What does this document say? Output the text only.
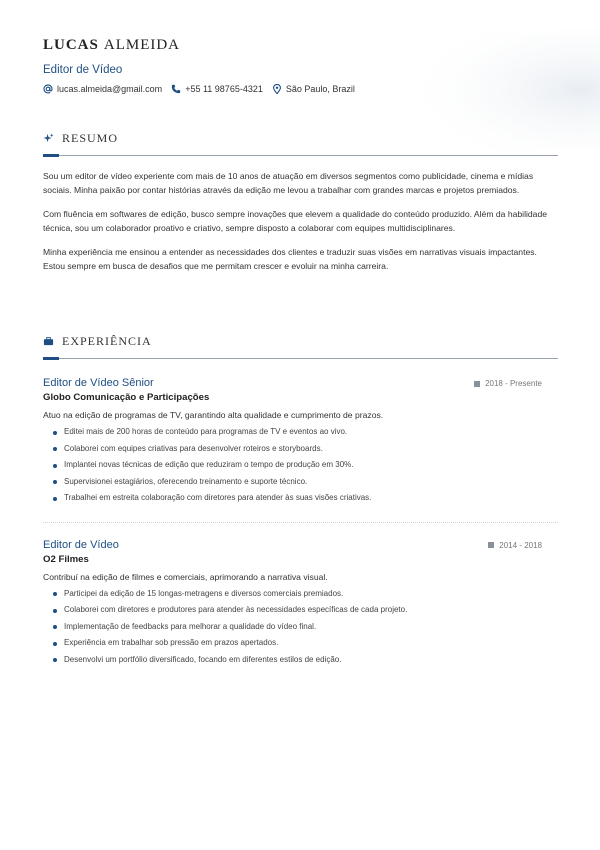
LUCAS ALMEIDA
Editor de Vídeo
lucas.almeida@gmail.com	+55 11 98765-4321	São Paulo, Brazil
RESUMO

Sou um editor de vídeo experiente com mais de 10 anos de atuação em diversos segmentos como publicidade, cinema e mídias sociais. Minha paixão por contar histórias através da edição me levou a trabalhar com grandes marcas e projetos premiados.

Com fluência em softwares de edição, busco sempre inovações que elevem a qualidade do conteúdo produzido. Além da habilidade técnica, sou um colaborador proativo e criativo, sempre disposto a colaborar com equipes multidisciplinares.

Minha experiência me ensinou a entender as necessidades dos clientes e traduzir suas visões em narrativas visuais impactantes. Estou sempre em busca de desafios que me permitam crescer e evoluir na minha carreira.

EXPERIÊNCIA
Editor de Vídeo Sênior	2018 - Presente
Globo Comunicação e Participações
Atuo na edição de programas de TV, garantindo alta qualidade e cumprimento de prazos.
Editei mais de 200 horas de conteúdo para programas de TV e eventos ao vivo.
Colaborei com equipes criativas para desenvolver roteiros e storyboards.
Implantei novas técnicas de edição que reduziram o tempo de produção em 30%.
Supervisionei estagiários, oferecendo treinamento e suporte técnico.
Trabalhei em estreita colaboração com diretores para atender às suas visões criativas.
Editor de Vídeo	2014 - 2018
O2 Filmes
Contribuí na edição de filmes e comerciais, aprimorando a narrativa visual.
Participei da edição de 15 longas-metragens e diversos comerciais premiados.
Colaborei com diretores e produtores para atender às necessidades específicas de cada projeto.
Implementação de feedbacks para melhorar a qualidade do vídeo final.
Experiência em trabalhar sob pressão em prazos apertados.
Desenvolvi um portfólio diversificado, focando em diferentes estilos de edição.
